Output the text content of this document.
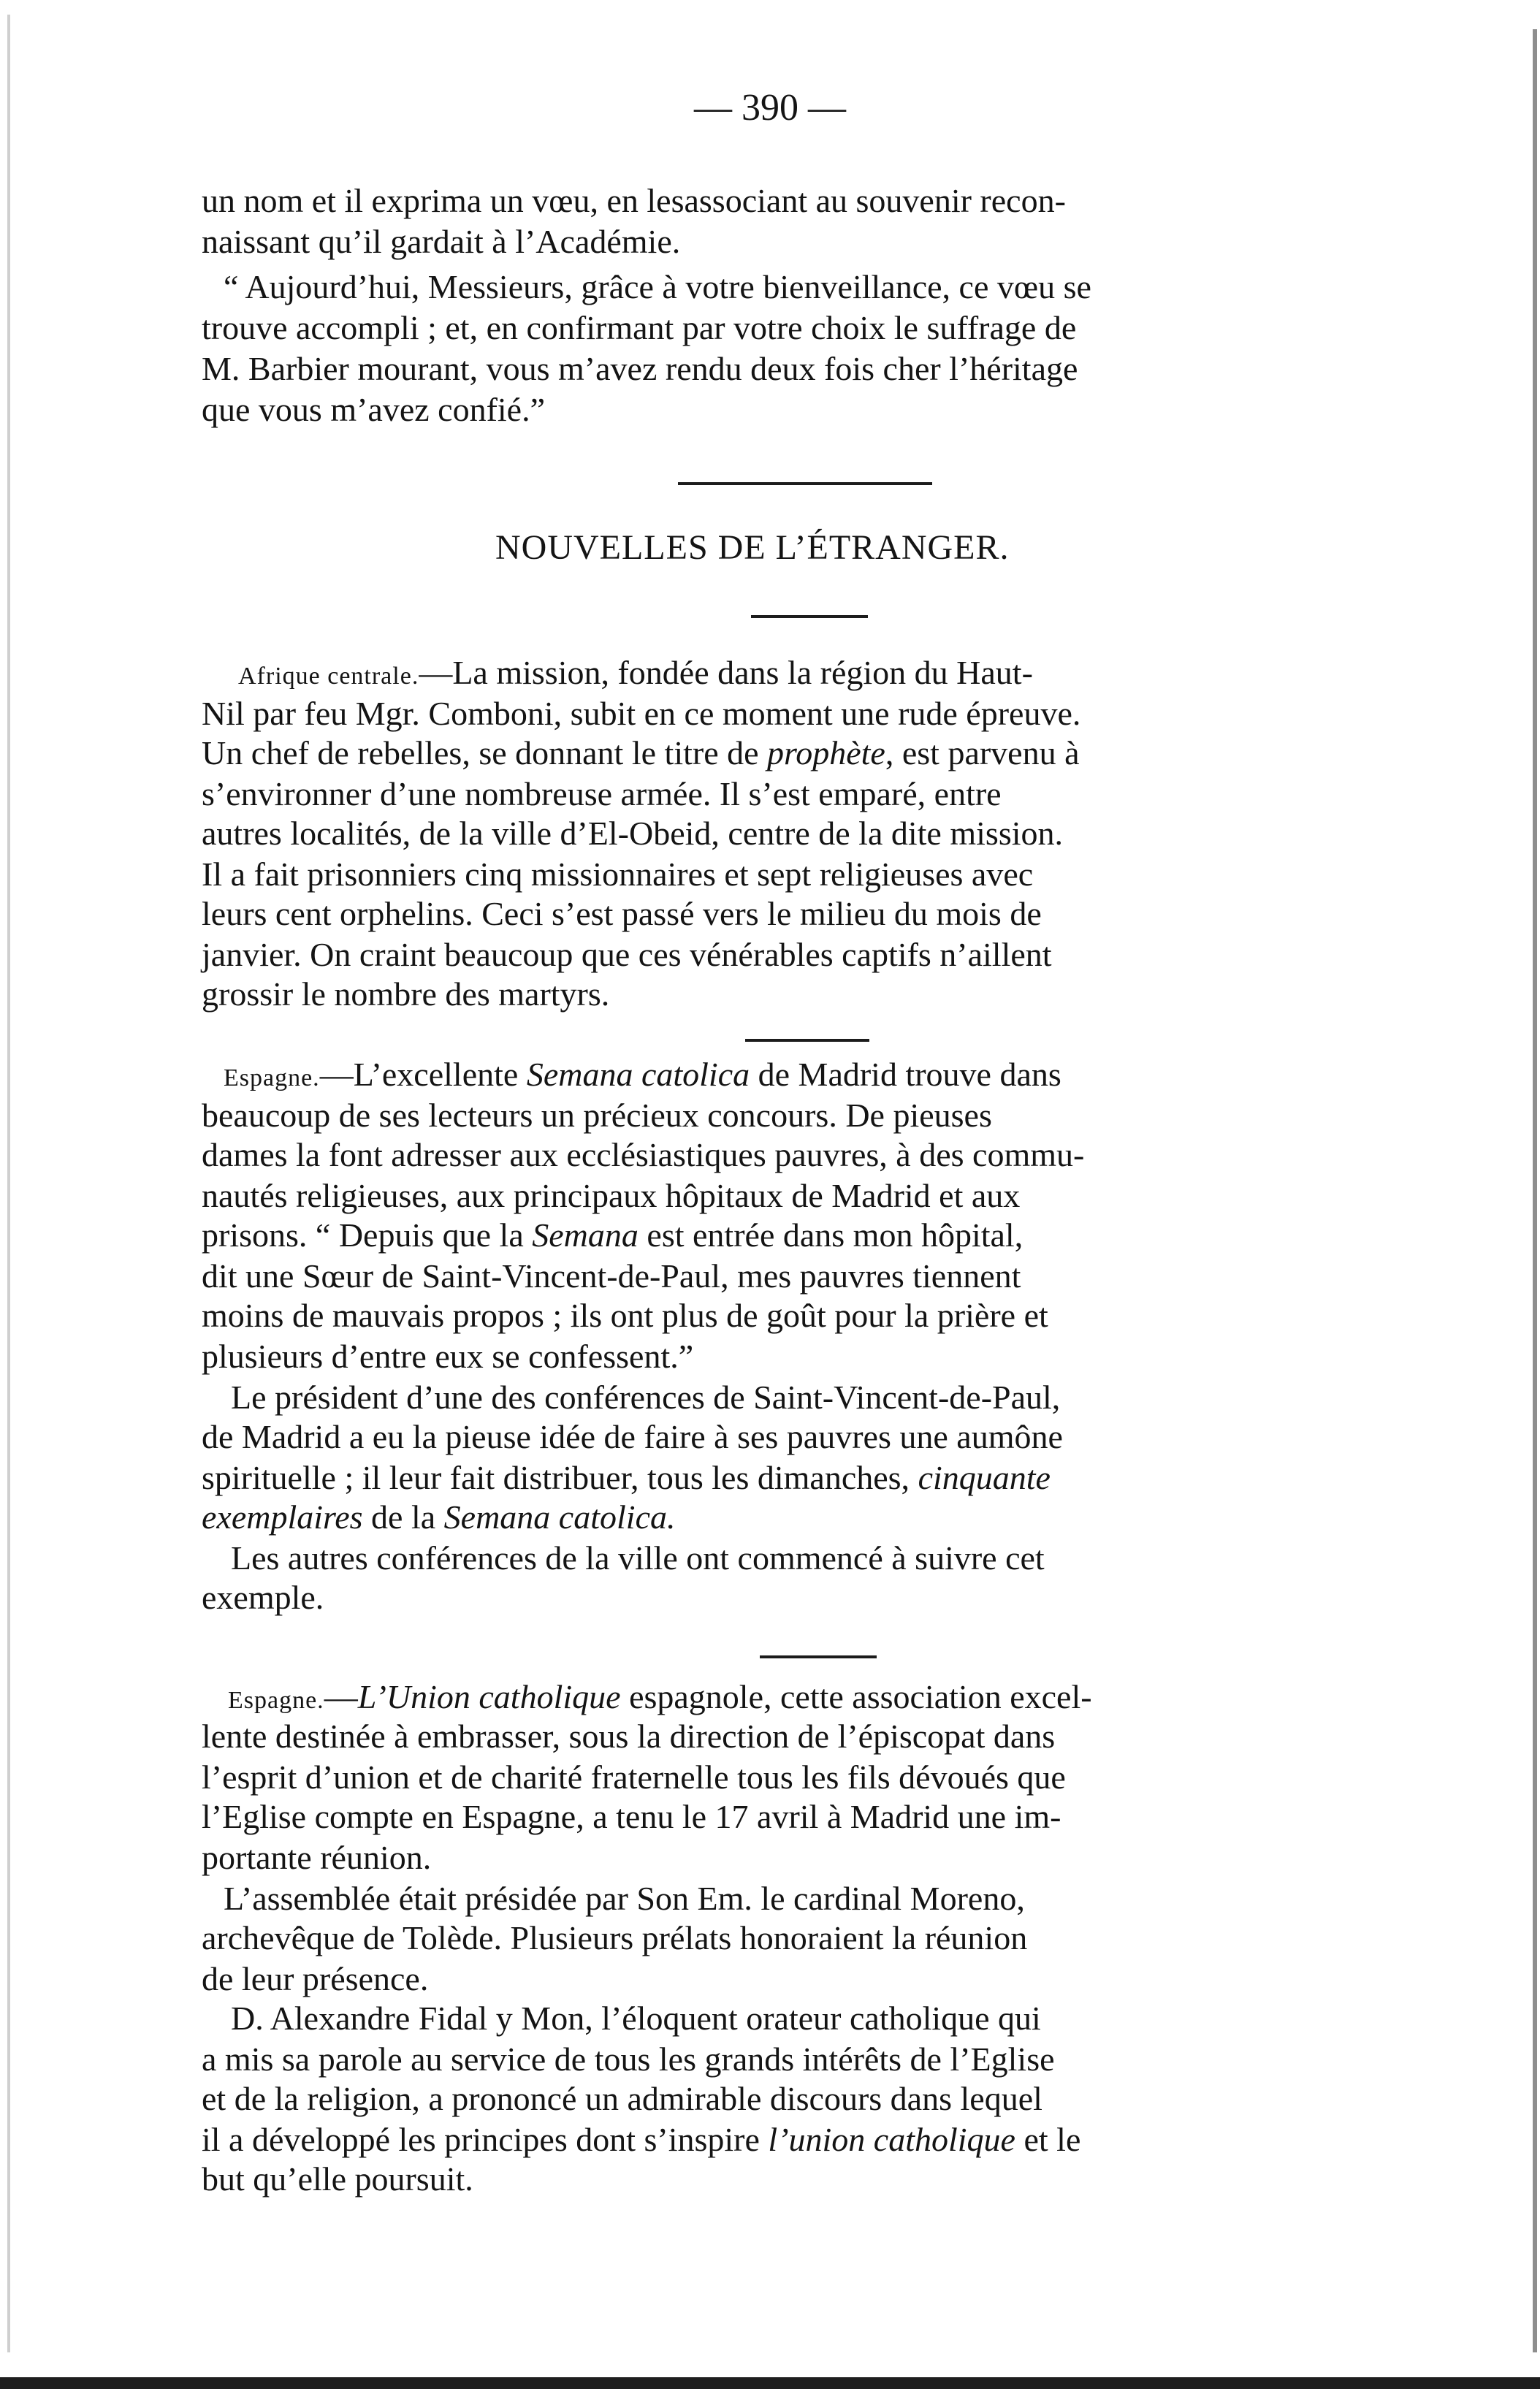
— 390 —
un nom et il exprima un vœu, en lesassociant au souvenir recon-
naissant qu’il gardait à l’Académie.
“ Aujourd’hui, Messieurs, grâce à votre bienveillance, ce vœu se
trouve accompli ; et, en confirmant par votre choix le suffrage de
M. Barbier mourant, vous m’avez rendu deux fois cher l’héritage
que vous m’avez confié.”
NOUVELLES DE L’ÉTRANGER.
Afrique centrale.—La mission, fondée dans la région du Haut-
Nil par feu Mgr. Comboni, subit en ce moment une rude épreuve.
Un chef de rebelles, se donnant le titre de prophète, est parvenu à
s’environner d’une nombreuse armée. Il s’est emparé, entre
autres localités, de la ville d’El-Obeid, centre de la dite mission.
Il a fait prisonniers cinq missionnaires et sept religieuses avec
leurs cent orphelins. Ceci s’est passé vers le milieu du mois de
janvier. On craint beaucoup que ces vénérables captifs n’aillent
grossir le nombre des martyrs.
Espagne.—L’excellente Semana catolica de Madrid trouve dans
beaucoup de ses lecteurs un précieux concours. De pieuses
dames la font adresser aux ecclésiastiques pauvres, à des commu-
nautés religieuses, aux principaux hôpitaux de Madrid et aux
prisons. “ Depuis que la Semana est entrée dans mon hôpital,
dit une Sœur de Saint-Vincent-de-Paul, mes pauvres tiennent
moins de mauvais propos ; ils ont plus de goût pour la prière et
plusieurs d’entre eux se confessent.”
Le président d’une des conférences de Saint-Vincent-de-Paul,
de Madrid a eu la pieuse idée de faire à ses pauvres une aumône
spirituelle ; il leur fait distribuer, tous les dimanches, cinquante
exemplaires de la Semana catolica.
Les autres conférences de la ville ont commencé à suivre cet
exemple.
Espagne.—L’Union catholique espagnole, cette association excel-
lente destinée à embrasser, sous la direction de l’épiscopat dans
l’esprit d’union et de charité fraternelle tous les fils dévoués que
l’Eglise compte en Espagne, a tenu le 17 avril à Madrid une im-
portante réunion.
L’assemblée était présidée par Son Em. le cardinal Moreno,
archevêque de Tolède. Plusieurs prélats honoraient la réunion
de leur présence.
D. Alexandre Fidal y Mon, l’éloquent orateur catholique qui
a mis sa parole au service de tous les grands intérêts de l’Eglise
et de la religion, a prononcé un admirable discours dans lequel
il a développé les principes dont s’inspire l’union catholique et le
but qu’elle poursuit.
